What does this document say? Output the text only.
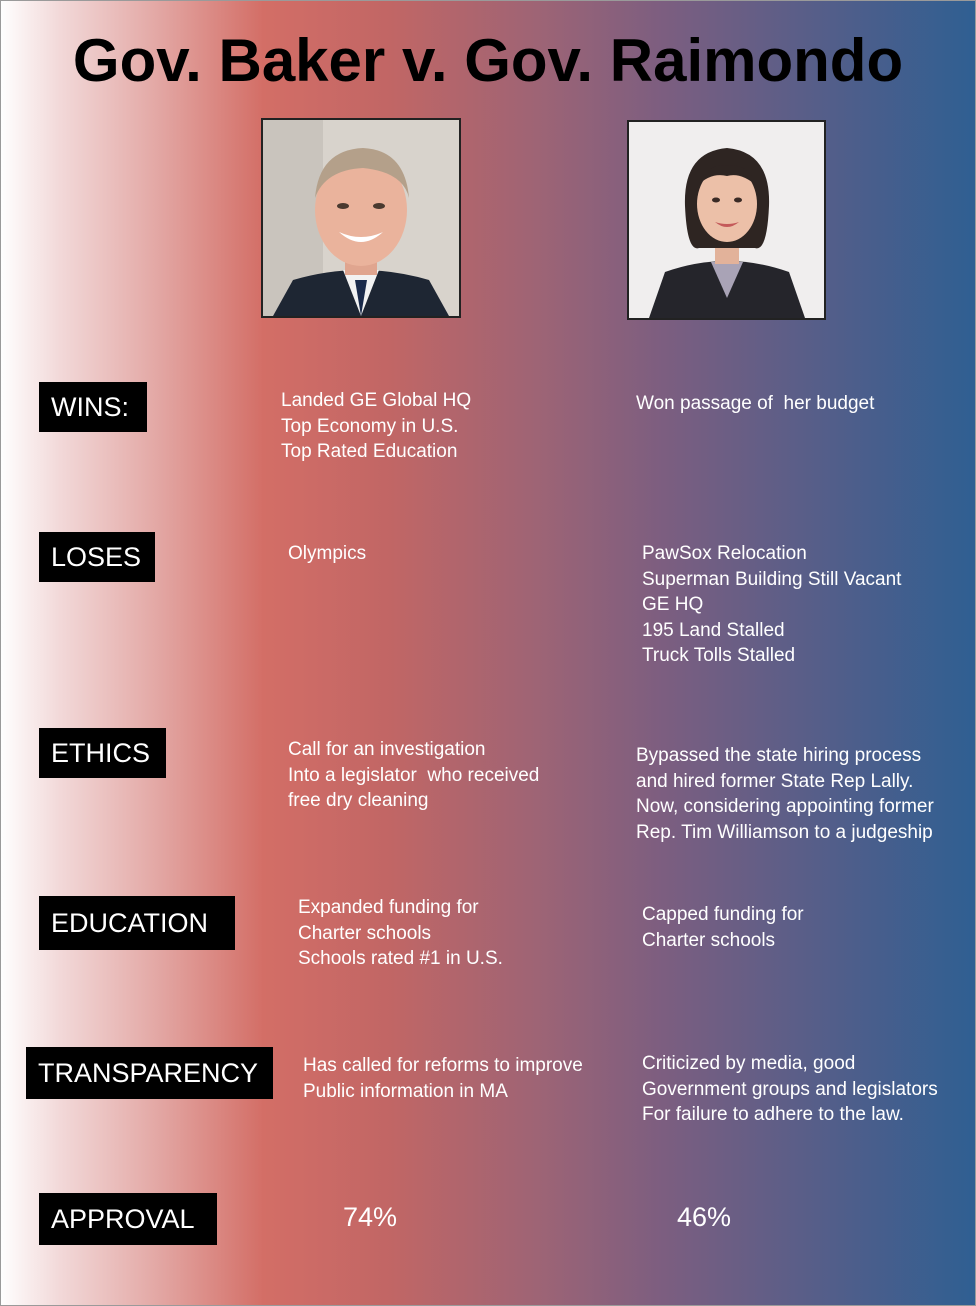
Gov. Baker v. Gov. Raimondo
WINS:
LOSES
ETHICS
EDUCATION
TRANSPARENCY
APPROVAL
Landed GE Global HQ
Top Economy in U.S.
Top Rated Education
Won passage of  her budget
Olympics	PawSox Relocation
Superman Building Still Vacant
GE HQ
195 Land Stalled
Truck Tolls Stalled
Call for an investigation
Into a legislator  who received
free dry cleaning
Bypassed the state hiring process
and hired former State Rep Lally.
Now, considering appointing former
Rep. Tim Williamson to a judgeship
Expanded funding for
Charter schools
Schools rated #1 in U.S.
Capped funding for
Charter schools
Has called for reforms to improve
Public information in MA
Criticized by media, good
Government groups and legislators
For failure to adhere to the law.
74%	46%
